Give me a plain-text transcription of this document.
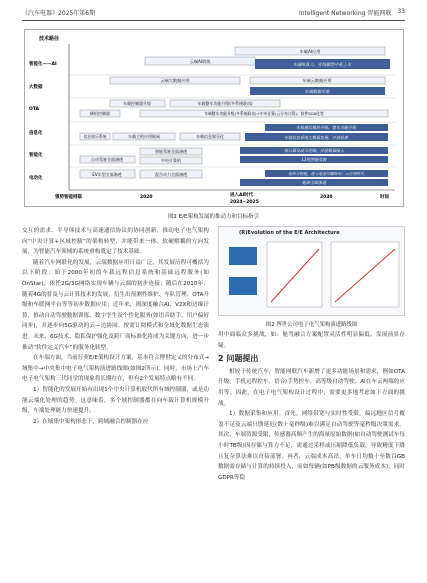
《汽车电器》2025年第6期	Intelligent Networking 智能网联 33
技术路径
智能化——AI
大数据
OTA
信息化
智能化
电动化
车载AI应用
云端AI训练
车端AI算力、在线模型中枢上车
云端大数据应用	车端云数据应用
车端数据采集
车载控制器升级	车载整车功能升级(多系统联动)
刷机控制器	车端整车功能升级(多系统联动)+中央计算(云分布计算)、软件SOA化等
车载通信模块升级、整车功能升级
信息娱乐系统	车载主机应用联网	车载信息娱乐化	车载信息系统大数据发展、开放收费
执行器及动力控制、开放数据接入
自动驾驶全面渗透
智能驾驶全面渗透
中央计算机	L3级智能驾驶
EV车型全面渗透	混合动力全面渗透	电机与智能、进入电池可辅助车厂云应用时代
能源全面渗透
强势智能网联	2020	进入AI时代
2024~2025
2030	时间
图1 E/E架构发展的推动力和目标指引

交互的需求、半导体技术与高速通信协议的协同创新，推动电子电气架构向“中央计算+区域控制”的架构转型，并能带来一体、软硬解耦的方向发展，为智能汽车领域的系统重构奠定了技术基础。

随着汽车网联化的发展，云端数据应用日益广泛，其发展历程可概括为以下阶段：始于2000年初的车载远程信息系统和基础远程服务(如OnStar)，依托2G/3G网络实现车辆与云端的初步连接；随后在2010年，随着4G的普及与云计算技术的发展，衍生出预测性维护、车队管理、OTA升级和车联网平台等等初步数据应用；近年来，则深度融合AI、V2X和边缘计算，推动自动驾驶数据训练、数字孪生及个性化服务(如语音助手、用户偏好同步)，并逐步向5G驱动的云—边协同、按需订阅模式和全域化数据生态演进。未来，6G技术、隐私保护强化及跨厂商标准化将成为关键方向，进一步推动“软件定义汽车”的服务化转型。

在车端方面，当前行业E/E架构设计方案，基本符合博世定义的分布式→域集中→中央集中电子电气架构演进路线图(如图2所示)。同时，市场上汽车电子电气架构三代同堂的现象将长期存在，但有2个发展特点略有不同。

1）智能化的发展开始有出现1个中央计算机取代所有域控制器，或是功能云端化处理的趋势。这意味着，多个域控制器都在向车载计算机规模升级，车端处理能力快速提升。

2）在域集中架构形态下，跨域融合控制器在应

(R)Evolution of the E/E Architecture
图2 博世公司电子电气架构演进路线图

用中面临众多挑战，如：舱驾融合方案配置灵活性明显偏低、发展前景存疑。

2 问题提出

相较于传统汽车，智能网联汽车新增了更多功能场景和需求，例如OTA升级、手机远程控车、语音/手势控车、高等级自动驾驶、AI在车云两端的应用等。因此，在电子电气架构设计过程中，需要更多地考虑如下方面的挑战。

1）数据采集和应用。首先，网络带宽与实时性受限，偏远地区信号覆盖不足及云端只馈延迟(数十毫秒级)难以满足自动驾驶等毫秒级决策需求。其次，车端资源受限，传感器高频产生的海量原始数据(如自动驾驶测试车每小时TB级)因存储与算力不足，需通过采样或压缩降低负载，导致精度下降且复杂算法难以直接部署。再者，云端成本高昂，单车日均数十至数百GB数据需存储与计算的持续投入，而如每辆(如PB级数据的云服务成本)，同时GDPR等隐
